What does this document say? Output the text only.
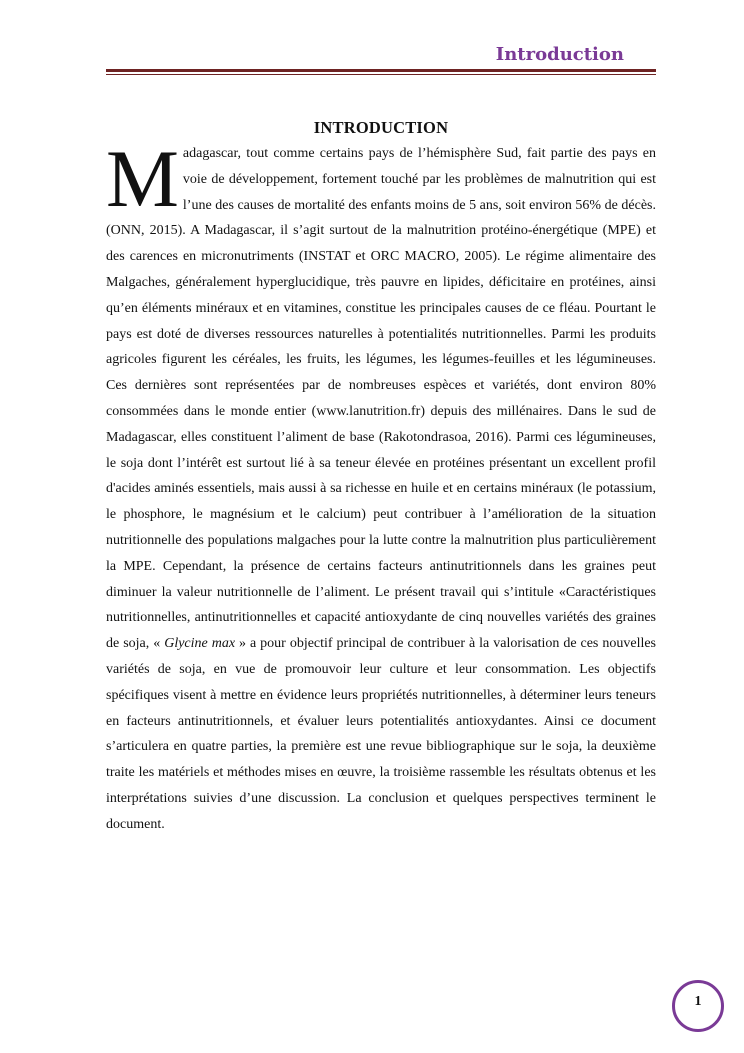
Introduction
INTRODUCTION

Madagascar, tout comme certains pays de l’hémisphère Sud, fait partie des pays en voie de développement, fortement touché par les problèmes de malnutrition qui est l’une des causes de mortalité des enfants moins de 5 ans, soit environ 56% de décès. (ONN, 2015). A Madagascar, il s’agit surtout de la malnutrition protéino-énergétique (MPE) et des carences en micronutriments (INSTAT et ORC MACRO, 2005). Le régime alimentaire des Malgaches, généralement hyperglucidique, très pauvre en lipides, déficitaire en protéines, ainsi qu’en éléments minéraux et en vitamines, constitue les principales causes de ce fléau. Pourtant le pays est doté de diverses ressources naturelles à potentialités nutritionnelles. Parmi les produits agricoles figurent les céréales, les fruits, les légumes, les légumes-feuilles et les légumineuses. Ces dernières sont représentées par de nombreuses espèces et variétés, dont environ 80% consommées dans le monde entier (www.lanutrition.fr) depuis des millénaires. Dans le sud de Madagascar, elles constituent l’aliment de base (Rakotondrasoa, 2016). Parmi ces légumineuses, le soja dont l’intérêt est surtout lié à sa teneur élevée en protéines présentant un excellent profil d'acides aminés essentiels, mais aussi à sa richesse en huile et en certains minéraux (le potassium, le phosphore, le magnésium et le calcium) peut contribuer à l’amélioration de la situation nutritionnelle des populations malgaches pour la lutte contre la malnutrition plus particulièrement la MPE. Cependant, la présence de certains facteurs antinutritionnels dans les graines peut diminuer la valeur nutritionnelle de l’aliment. Le présent travail qui s’intitule «Caractéristiques nutritionnelles, antinutritionnelles et capacité antioxydante de cinq nouvelles variétés des graines de soja, « Glycine max » a pour objectif principal de contribuer à la valorisation de ces nouvelles variétés de soja, en vue de promouvoir leur culture et leur consommation. Les objectifs spécifiques visent à mettre en évidence leurs propriétés nutritionnelles, à déterminer leurs teneurs en facteurs antinutritionnels, et évaluer leurs potentialités antioxydantes. Ainsi ce document s’articulera en quatre parties, la première est une revue bibliographique sur le soja, la deuxième traite les matériels et méthodes mises en œuvre, la troisième rassemble les résultats obtenus et les interprétations suivies d’une discussion. La conclusion et quelques perspectives terminent le document.

1
